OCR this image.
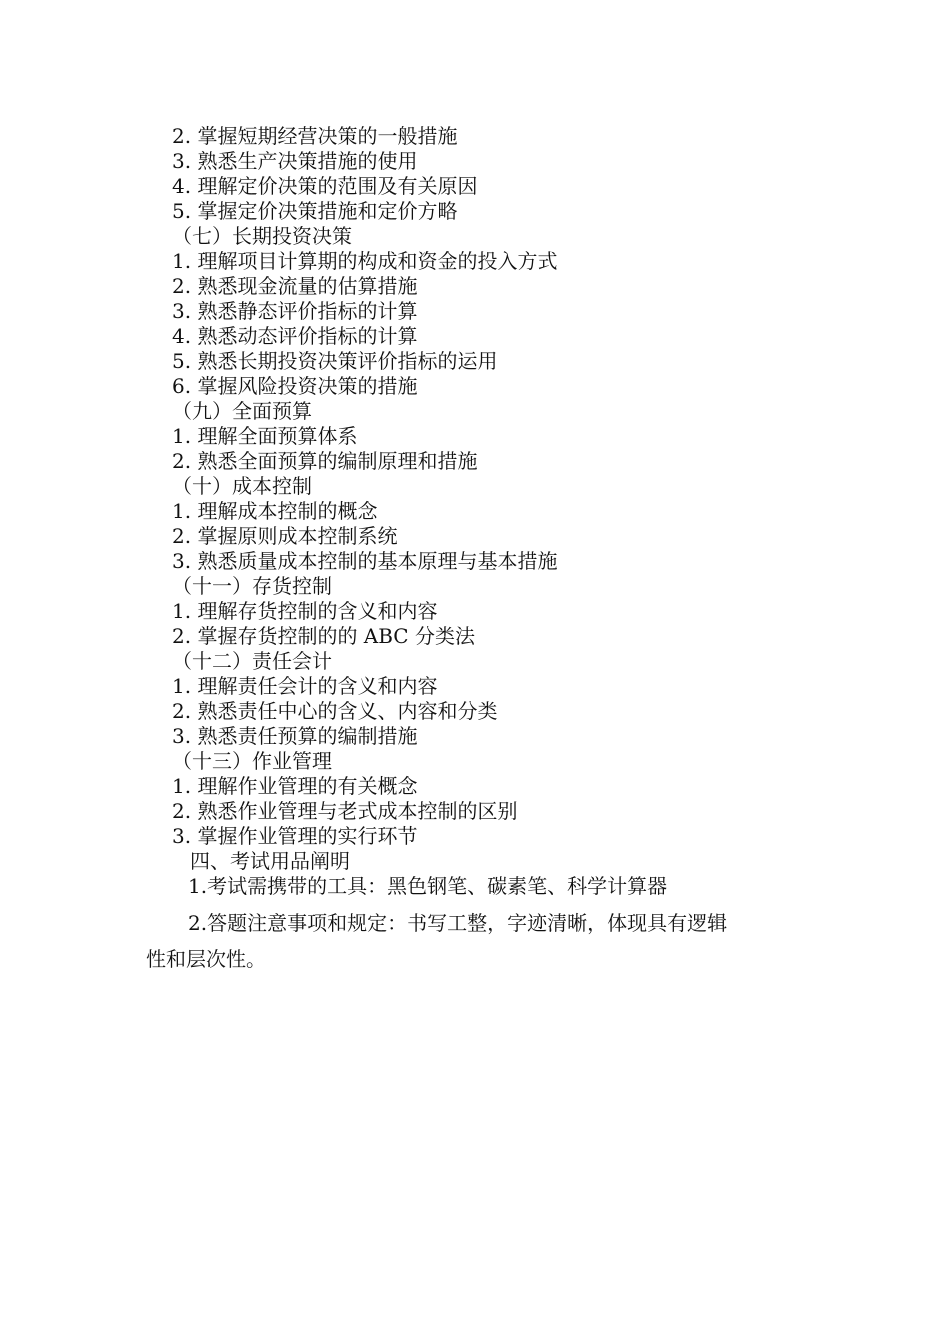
2. 掌握短期经营决策的一般措施
3. 熟悉生产决策措施的使用
4. 理解定价决策的范围及有关原因
5. 掌握定价决策措施和定价方略
（七）长期投资决策
1. 理解项目计算期的构成和资金的投入方式
2. 熟悉现金流量的估算措施
3. 熟悉静态评价指标的计算
4. 熟悉动态评价指标的计算
5. 熟悉长期投资决策评价指标的运用
6. 掌握风险投资决策的措施
（九）全面预算
1. 理解全面预算体系
2. 熟悉全面预算的编制原理和措施
（十）成本控制
1. 理解成本控制的概念
2. 掌握原则成本控制系统
3. 熟悉质量成本控制的基本原理与基本措施
（十一）存货控制
1. 理解存货控制的含义和内容
2. 掌握存货控制的的 ABC 分类法
（十二）责任会计
1. 理解责任会计的含义和内容
2. 熟悉责任中心的含义、内容和分类
3. 熟悉责任预算的编制措施
（十三）作业管理
1. 理解作业管理的有关概念
2. 熟悉作业管理与老式成本控制的区别
3. 掌握作业管理的实行环节
四、考试用品阐明
1.考试需携带的工具：黑色钢笔、碳素笔、科学计算器
2.答题注意事项和规定：书写工整，字迹清晰，体现具有逻辑
性和层次性。
